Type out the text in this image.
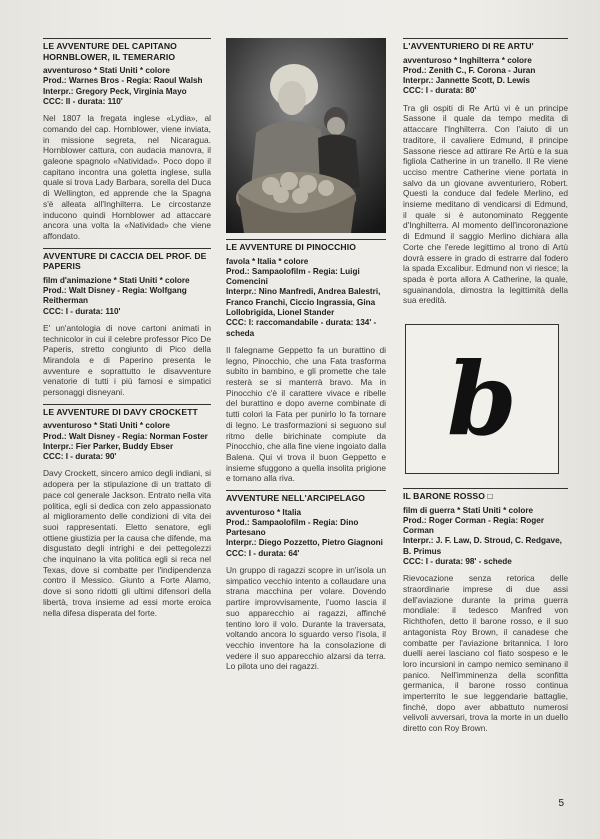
LE AVVENTURE DEL CAPITANO HORNBLOWER, IL TEMERARIO
avventuroso * Stati Uniti * colore
Prod.: Warnes Bros - Regia: Raoul Walsh
Interpr.: Gregory Peck, Virginia Mayo
CCC: II - durata: 110'

Nel 1807 la fregata inglese «Lydia», al comando del cap. Hornblower, viene inviata, in missione segreta, nel Nicaragua. Hornblower cattura, con audacia manovra, il galeone spagnolo «Natividad». Poco dopo il capitano incontra una goletta inglese, sulla quale si trova Lady Barbara, sorella del Duca di Wellington, ed apprende che la Spagna s'è alleata all'Inghilterra. Le circostanze inducono quindi Hornblower ad attaccare ancora una volta la «Natividad» che viene affondato.

AVVENTURE DI CACCIA DEL PROF. DE PAPERIS
film d'animazione * Stati Uniti * colore
Prod.: Walt Disney - Regia: Wolfgang Reitherman
CCC: I - durata: 110'

E' un'antologia di nove cartoni animati in technicolor in cui il celebre professor Pico De Paperis, stretto congiunto di Pico della Mirandola e di Paperino presenta le avventure e soprattutto le disavventure venatorie di tutti i più famosi e simpatici personaggi disneyani.

LE AVVENTURE DI DAVY CROCKETT
avventuroso * Stati Uniti * colore
Prod.: Walt Disney - Regia: Norman Foster
Interpr.: Fier Parker, Buddy Ebser
CCC: I - durata: 90'

Davy Crockett, sincero amico degli indiani, si adopera per la stipulazione di un trattato di pace col generale Jackson. Entrato nella vita politica, egli si dedica con zelo appassionato al miglioramento delle condizioni di vita dei suoi rappresentati. Eletto senatore, egli ottiene giustizia per la causa che difende, ma disgustato degli intrighi e dei pettegolezzi che inquinano la vita politica egli si reca nel Texas, dove si combatte per l'indipendenza contro il Messico. Giunto a Forte Alamo, dove si sono ridotti gli ultimi difensori della libertà, trova insieme ad essi morte eroica nella difesa disperata del forte.

LE AVVENTURE DI PINOCCHIO
favola * Italia * colore
Prod.: Sampaolofilm - Regia: Luigi Comencini
Interpr.: Nino Manfredi, Andrea Balestri, Franco Franchi, Ciccio Ingrassia, Gina Lollobrigida, Lionel Stander
CCC: I: raccomandabile - durata: 134' - scheda

Il falegname Geppetto fa un burattino di legno, Pinocchio, che una Fata trasforma subito in bambino, e gli promette che tale resterà se si manterrà bravo. Ma in Pinocchio c'è il carattere vivace e ribelle del burattino e dopo averne combinate di tutti colori la Fata per punirlo lo fa tornare di legno. Le trasformazioni si seguono sul ritmo delle birichinate compiute da Pinocchio, che alla fine viene ingoiato dalla Balena. Qui vi trova il buon Geppetto e insieme sfuggono a quella insolita prigione e tornano alla riva.

AVVENTURE NELL'ARCIPELAGO
avventuroso * Italia
Prod.: Sampaolofilm - Regia: Dino Partesano
Interpr.: Diego Pozzetto, Pietro Giagnoni
CCC: I - durata: 64'

Un gruppo di ragazzi scopre in un'isola un simpatico vecchio intento a collaudare una strana macchina per volare. Dovendo partire improvvisamente, l'uomo lascia il suo apparecchio ai ragazzi, affinché tentino loro il volo. Durante la traversata, voltando ancora lo sguardo verso l'isola, il vecchio inventore ha la consolazione di vedere il suo apparecchio alzarsi da terra. Lo pilota uno dei ragazzi.

L'AVVENTURIERO DI RE ARTU'
avventuroso * Inghilterra * colore
Prod.: Zenith C., F. Corona - Juran
Interpr.: Jannette Scott, D. Lewis
CCC: I - durata: 80'

Tra gli ospiti di Re Artù vi è un principe Sassone il quale da tempo medita di attaccare l'Inghilterra. Con l'aiuto di un traditore, il cavaliere Edmund, il principe Sassone riesce ad attirare Re Artù e la sua figliola Catherine in un tranello. Il Re viene ucciso mentre Catherine viene portata in salvo da un giovane avventuriero, Robert. Questi la conduce dal fedele Merlino, ed insieme meditano di vendicarsi di Edmund, il quale si è autonominato Reggente d'Inghilterra. Al momento dell'incoronazione di Edmund il saggio Merlino dichiara alla Corte che l'erede legittimo al trono di Artù dovrà essere in grado di estrarre dal fodero la spada Excalibur. Edmund non vi riesce; la spada è porta allora A Catherine, la quale, sguainandola, dimostra la legittimità della sua eredità.

b
IL BARONE ROSSO □
film di guerra * Stati Uniti * colore
Prod.: Roger Corman - Regia: Roger Corman
Interpr.: J. F. Law, D. Stroud, C. Redgave, B. Primus
CCC: I - durata: 98' - schede

Rievocazione senza retorica delle straordinarie imprese di due assi dell'aviazione durante la prima guerra mondiale: il tedesco Manfred von Richthofen, detto il barone rosso, e il suo antagonista Roy Brown, il canadese che combatte per l'aviazione britannica. I loro duelli aerei lasciano col fiato sospeso e le loro incursioni in campo nemico seminano il panico. Nell'imminenza della sconfitta germanica, il barone rosso continua imperterrito le sue leggendarie battaglie, finché, dopo aver abbattuto numerosi velivoli avversari, trova la morte in un duello diretto con Roy Brown.

5
